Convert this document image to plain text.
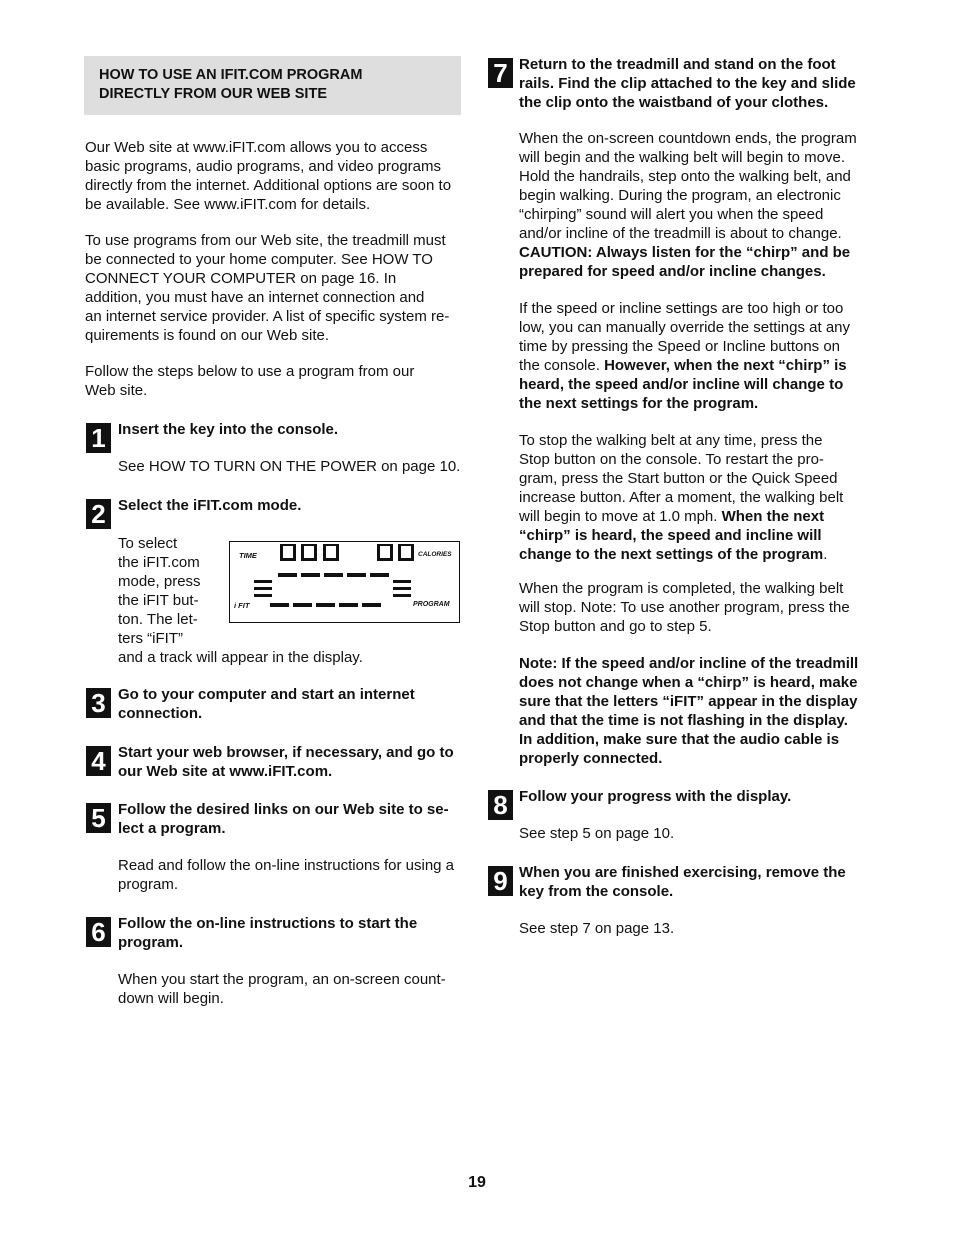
HOW TO USE AN IFIT.COM PROGRAM
DIRECTLY FROM OUR WEB SITE

Our Web site at www.iFIT.com allows you to access
basic programs, audio programs, and video programs
directly from the internet. Additional options are soon to
be available. See www.iFIT.com for details.

To use programs from our Web site, the treadmill must
be connected to your home computer. See HOW TO
CONNECT YOUR COMPUTER on page 16. In
addition, you must have an internet connection and
an internet service provider. A list of specific system re-
quirements is found on our Web site.

Follow the steps below to use a program from our
Web site.

1 Insert the key into the console.

See HOW TO TURN ON THE POWER on page 10.

2 Select the iFIT.com mode.

To select
the iFIT.com
mode, press
the iFIT but-
ton. The let-
ters “iFIT”
and a track will appear in the display.

TIME	CALORIES
i FIT	PROGRAM
3 Go to your computer and start an internet
connection.
4 Start your web browser, if necessary, and go to
our Web site at www.iFIT.com.
5 Follow the desired links on our Web site to se-
lect a program.

Read and follow the on-line instructions for using a
program.

6 Follow the on-line instructions to start the
program.

When you start the program, an on-screen count-
down will begin.

7 Return to the treadmill and stand on the foot
rails. Find the clip attached to the key and slide
the clip onto the waistband of your clothes.

When the on-screen countdown ends, the program
will begin and the walking belt will begin to move.
Hold the handrails, step onto the walking belt, and
begin walking. During the program, an electronic
“chirping” sound will alert you when the speed
and/or incline of the treadmill is about to change.
CAUTION: Always listen for the “chirp” and be
prepared for speed and/or incline changes.

If the speed or incline settings are too high or too
low, you can manually override the settings at any
time by pressing the Speed or Incline buttons on
the console. However, when the next “chirp” is
heard, the speed and/or incline will change to
the next settings for the program.

To stop the walking belt at any time, press the
Stop button on the console. To restart the pro-
gram, press the Start button or the Quick Speed
increase button. After a moment, the walking belt
will begin to move at 1.0 mph. When the next
“chirp” is heard, the speed and incline will
change to the next settings of the program.

When the program is completed, the walking belt
will stop. Note: To use another program, press the
Stop button and go to step 5.

Note: If the speed and/or incline of the treadmill
does not change when a “chirp” is heard, make
sure that the letters “iFIT” appear in the display
and that the time is not flashing in the display.
In addition, make sure that the audio cable is
properly connected.

8 Follow your progress with the display.

See step 5 on page 10.

9 When you are finished exercising, remove the
key from the console.

See step 7 on page 13.

19
